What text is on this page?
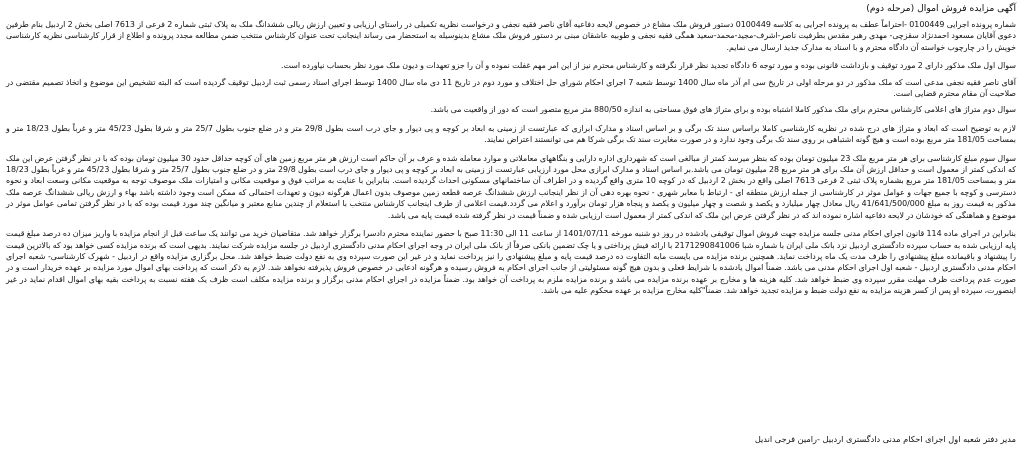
آگهی مزایده فروش اموال (مرحله دوم)

شماره پرونده اجرایی 0100449 -احتراماً عطف به پرونده اجرایی به کلاسه 0100449 دستور فروش ملک مشاع در خصوص لایحه دفاعیه آقای ناصر فقیه نجفی و درخواست نظریه تکمیلی در راستای ارزیابی و تعیین ارزش ریالی ششدانگ ملک به پلاک ثبتی شماره 2 فرعی از 7613 اصلی بخش 2 اردبیل بنام طرفین دعوی آقایان مسعود احمدنژاد سقزچی- مهدی رهبر مقدس بطرفیت ناصر-اشرف-مجید-محمد-سعید همگی فقیه نجفی و طوبیه عاشقان مبنی بر دستور فروش ملک مشاع بدینوسیله به استحضار می رساند اینجانب تحت عنوان کارشناس منتخب ضمن مطالعه مجدد پرونده و اطلاع از قرار کارشناسی نظریه کارشناسی خویش را در چارچوب خواسته آن دادگاه محترم و با اسناد به مدارک جدید ارسال می نمایم.

سوال اول ملک مذکور دارای 2 مورد توقیف و بازداشت قانونی بوده و مورد توجه 6 دادگاه تجدید نظر قرار نگرفته و کارشناس محترم نیز از این امر مهم غفلت نموده و آن را جزو تعهدات و دیون ملک مورد نظر بحساب نیاورده است.

آقای ناصر فقیه نجفی مدعی است که ملک مذکور در دو مرحله اولی در تاریخ سی ام آذر ماه سال 1400 توسط شعبه 7 اجرای احکام شورای حل اختلاف و مورد دوم در تاریخ 11 دی ماه سال 1400 توسط اجرای اسناد رسمی ثبت اردبیل توقیف گردیده است که البته تشخیص این موضوع و اتخاذ تصمیم مقتضی در صلاحیت آن مقام محترم قضایی است.

سوال دوم متراژ های اعلامی کارشناس محترم برای ملک مذکور کاملا اشتباه بوده و برای متراژ های فوق مساحتی به اندازه 880/50 متر مربع متصور است که دور از واقعیت می باشد.

لازم به توضیح است که ابعاد و متراژ های درج شده در نظریه کارشناسی کاملا براساس سند تک برگی و بر اساس اسناد و مدارک ابرازی که عبارتست از زمینی به ابعاد بر کوچه و پی دیوار و جای درب است بطول 29/8 متر و در ضلع جنوب بطول 25/7 متر و شرقا بطول 45/23 متر و غرباً بطول 18/23 متر و بمساحت 181/05 متر مربع بوده است و هیچ گونه اشتباهی بر روی سند تک برگی وجود ندارد و در صورت مغایرت سند تک برگی شرکا هم می توانستند اعتراض نمایند.

سوال سوم مبلغ کارشناسی برای هر متر مربع ملک 23 میلیون تومان بوده که بنظر میرسد کمتر از مبالغی است که شهرداری اداره دارایی و بنگاههای معاملاتی و موارد معامله شده و عرف بر آن حاکم است ارزش هر متر مربع زمین های آن کوچه حداقل حدود 30 میلیون تومان بوده که با در نظر گرفتن عرض این ملک که اندکی کمتر از معمول است و حداقل ارزش آن ملک برای هر متر مربع 28 میلیون تومان می باشد.بر اساس اسناد و مدارک ابرازی محل مورد ارزیابی عبارتست از زمینی به ابعاد بر کوچه و پی دیوار و جای درب است بطول 29/8 متر و در ضلع جنوب بطول 25/7 متر و شرقا بطول 45/23 متر و غرباً بطول 18/23 متر و بمساحت 181/05 متر مربع بشماره پلاک ثبتی 2 فرعی 7613 اصلی واقع در بخش 2 اردبیل که در کوچه 10 متری واقع گردیده و در اطراف آن ساختمانهای مسکونی احداث گردیده است. بنابراین با عنایت به مراتب فوق و موقعیت مکانی و امتیازات ملک موصوف توجه به موقعیت مکانی وسعت ابعاد و نحوه دسترسی و کوچه با جمیع جهات و عوامل موثر در کارشناسی از جمله ارزش منطقه ای - ارتباط با معابر شهری - نحوه بهره دهی آن از نظر اینجانب ارزش ششدانگ عرصه قطعه زمین موصوف بدون اعمال هرگونه دیون و تعهدات احتمالی که ممکن است وجود داشته باشد بهاء و ارزش ریالی ششدانگ عرصه ملک مذکور به قیمت روز به مبلغ 41/641/500/000 ریال معادل چهار میلیارد و یکصد و شصت و چهار میلیون و یکصد و پنجاه هزار تومان برآورد و اعلام می گردد.قیمت اعلامی از طرف اینجانب کارشناس منتخب با استعلام از چندین منابع معتبر و میانگین چند مورد قیمت بوده که با در نظر گرفتن تمامی عوامل موثر در موضوع و هماهنگی که خودشان در لایحه دفاعیه اشاره نموده اند که در نظر گرفتن عرض این ملک که اندکی کمتر از معمول است ارزیابی شده و ضمناً قیمت در نظر گرفته شده قیمت پایه می باشد.

بنابراین در اجرای ماده 114 قانون اجرای احکام مدنی جلسه مزایده جهت فروش اموال توقیفی یادشده در روز دو شنبه مورخه 1401/07/11 از ساعت 11 الی 11:30 صبح با حضور نماینده محترم دادسرا برگزار خواهد شد. متقاضیان خرید می توانند یک ساعت قبل از انجام مزایده با واریز میزان ده درصد مبلغ قیمت پایه ارزیابی شده به حساب سپرده دادگستری اردبیل نزد بانک ملی ایران با شماره شبا 2171290841006 با ارائه فیش پرداختی و یا چک تضمین بانکی صرفاً از بانک ملی ایران در وجه اجرای احکام مدنی دادگستری اردبیل در جلسه مزایده شرکت نمایند. بدیهی است که برنده مزایده کسی خواهد بود که بالاترین قیمت را پیشنهاد و باقیمانده مبلغ پیشنهادی را ظرف مدت یک ماه پرداخت نماید. همچنین برنده مزایده می بایست مابه التفاوت ده درصد قیمت پایه و مبلغ پیشنهادی را نیز پرداخت نماید و در غیر این صورت سپرده وی به نفع دولت ضبط خواهد شد. محل برگزاری مزایده واقع در اردبیل - شهرک کارشناسی- شعبه اجرای احکام مدنی دادگستری اردبیل - شعبه اول اجرای احکام مدنی می باشد. ضمناً اموال یادشده با شرایط فعلی و بدون هیچ گونه مسئولیتی از جانب اجرای احکام به فروش رسیده و هرگونه ادعایی در خصوص فروش پذیرفته نخواهد شد. لازم به ذکر است که پرداخت بهای اموال مورد مزایده بر عهده خریدار است و در صورت عدم پرداخت ظرف مهلت مقرر سپرده وی ضبط خواهد شد. کلیه هزینه ها و مخارج بر عهده برنده مزایده می باشد و برنده مزایده ملزم به پرداخت آن خواهد بود. ضمناً مزایده در اجرای احکام مدنی برگزار و برنده مزایده مکلف است ظرف یک هفته نسبت به پرداخت بقیه بهای اموال اقدام نماید در غیر اینصورت، سپرده او پس از کسر هزینه مزایده به نفع دولت ضبط و مزایده تجدید خواهد شد. ضمناً"کلیه مخارج مزایده بر عهده محکوم علیه می باشد.

مدیر دفتر شعبه اول اجرای احکام مدنی دادگستری اردبیل -رامین فرجی اندیل
